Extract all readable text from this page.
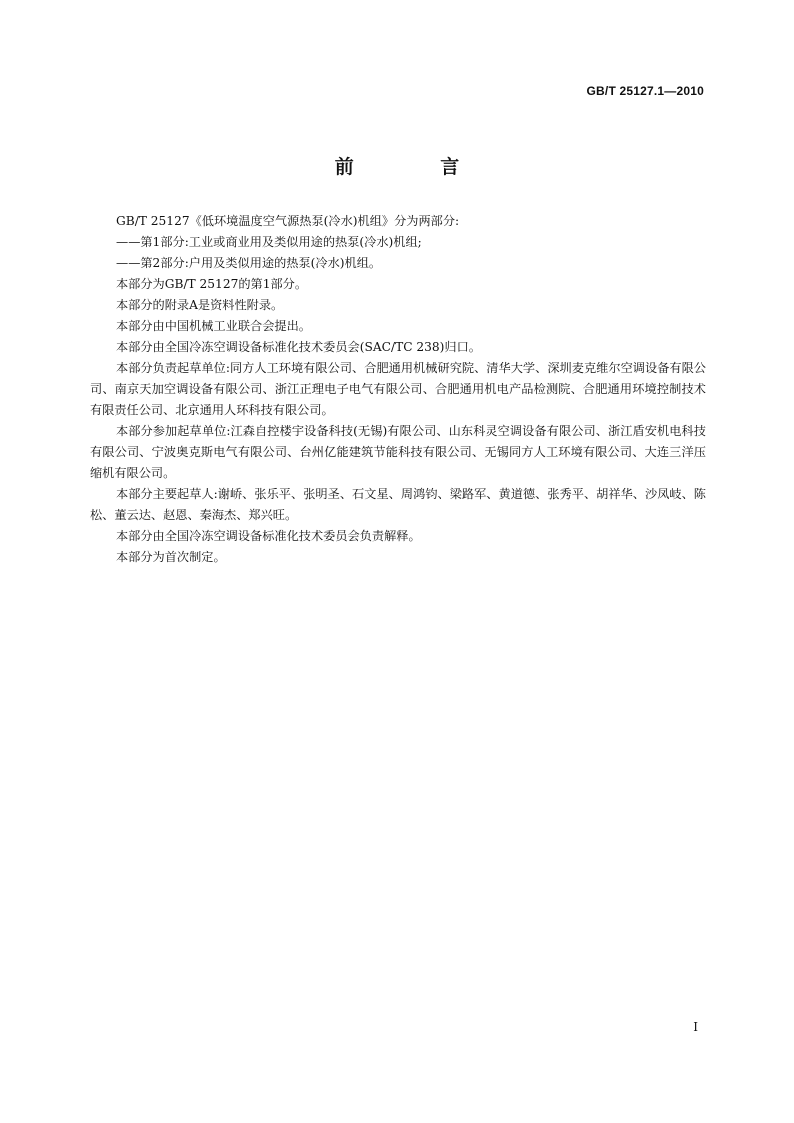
GB/T 25127.1—2010
前 言

GB/T 25127《低环境温度空气源热泵(冷水)机组》分为两部分:

——第1部分:工业或商业用及类似用途的热泵(冷水)机组;

——第2部分:户用及类似用途的热泵(冷水)机组。

本部分为GB/T 25127的第1部分。

本部分的附录A是资料性附录。

本部分由中国机械工业联合会提出。

本部分由全国冷冻空调设备标准化技术委员会(SAC/TC 238)归口。

本部分负责起草单位:同方人工环境有限公司、合肥通用机械研究院、清华大学、深圳麦克维尔空调设备有限公司、南京天加空调设备有限公司、浙江正理电子电气有限公司、合肥通用机电产品检测院、合肥通用环境控制技术有限责任公司、北京通用人环科技有限公司。

本部分参加起草单位:江森自控楼宇设备科技(无锡)有限公司、山东科灵空调设备有限公司、浙江盾安机电科技有限公司、宁波奥克斯电气有限公司、台州亿能建筑节能科技有限公司、无锡同方人工环境有限公司、大连三洋压缩机有限公司。

本部分主要起草人:谢峤、张乐平、张明圣、石文星、周鸿钧、梁路军、黄道德、张秀平、胡祥华、沙凤岐、陈松、董云达、赵恩、秦海杰、郑兴旺。

本部分由全国冷冻空调设备标准化技术委员会负责解释。

本部分为首次制定。

I
